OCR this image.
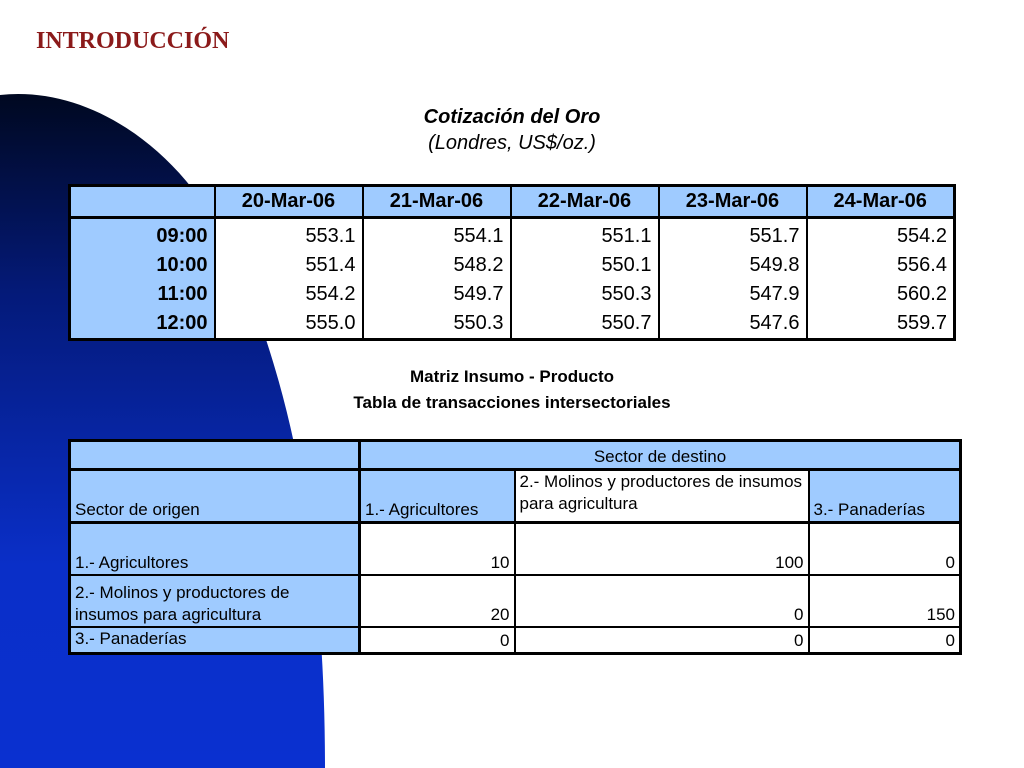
INTRODUCCIÓN
Cotización del Oro
(Londres, US$/oz.)
	20-Mar-06	21-Mar-06	22-Mar-06	23-Mar-06	24-Mar-06
09:00	553.1	554.1	551.1	551.7	554.2
10:00	551.4	548.2	550.1	549.8	556.4
11:00	554.2	549.7	550.3	547.9	560.2
12:00	555.0	550.3	550.7	547.6	559.7
Matriz Insumo - Producto
Tabla de transacciones intersectoriales
	Sector de destino		
Sector de origen	1.- Agricultores	2.- Molinos y productores de insumos para agricultura	3.- Panaderías
1.- Agricultores	10	100	0
2.- Molinos y productores de insumos para agricultura	20	0	150
3.- Panaderías	0	0	0
